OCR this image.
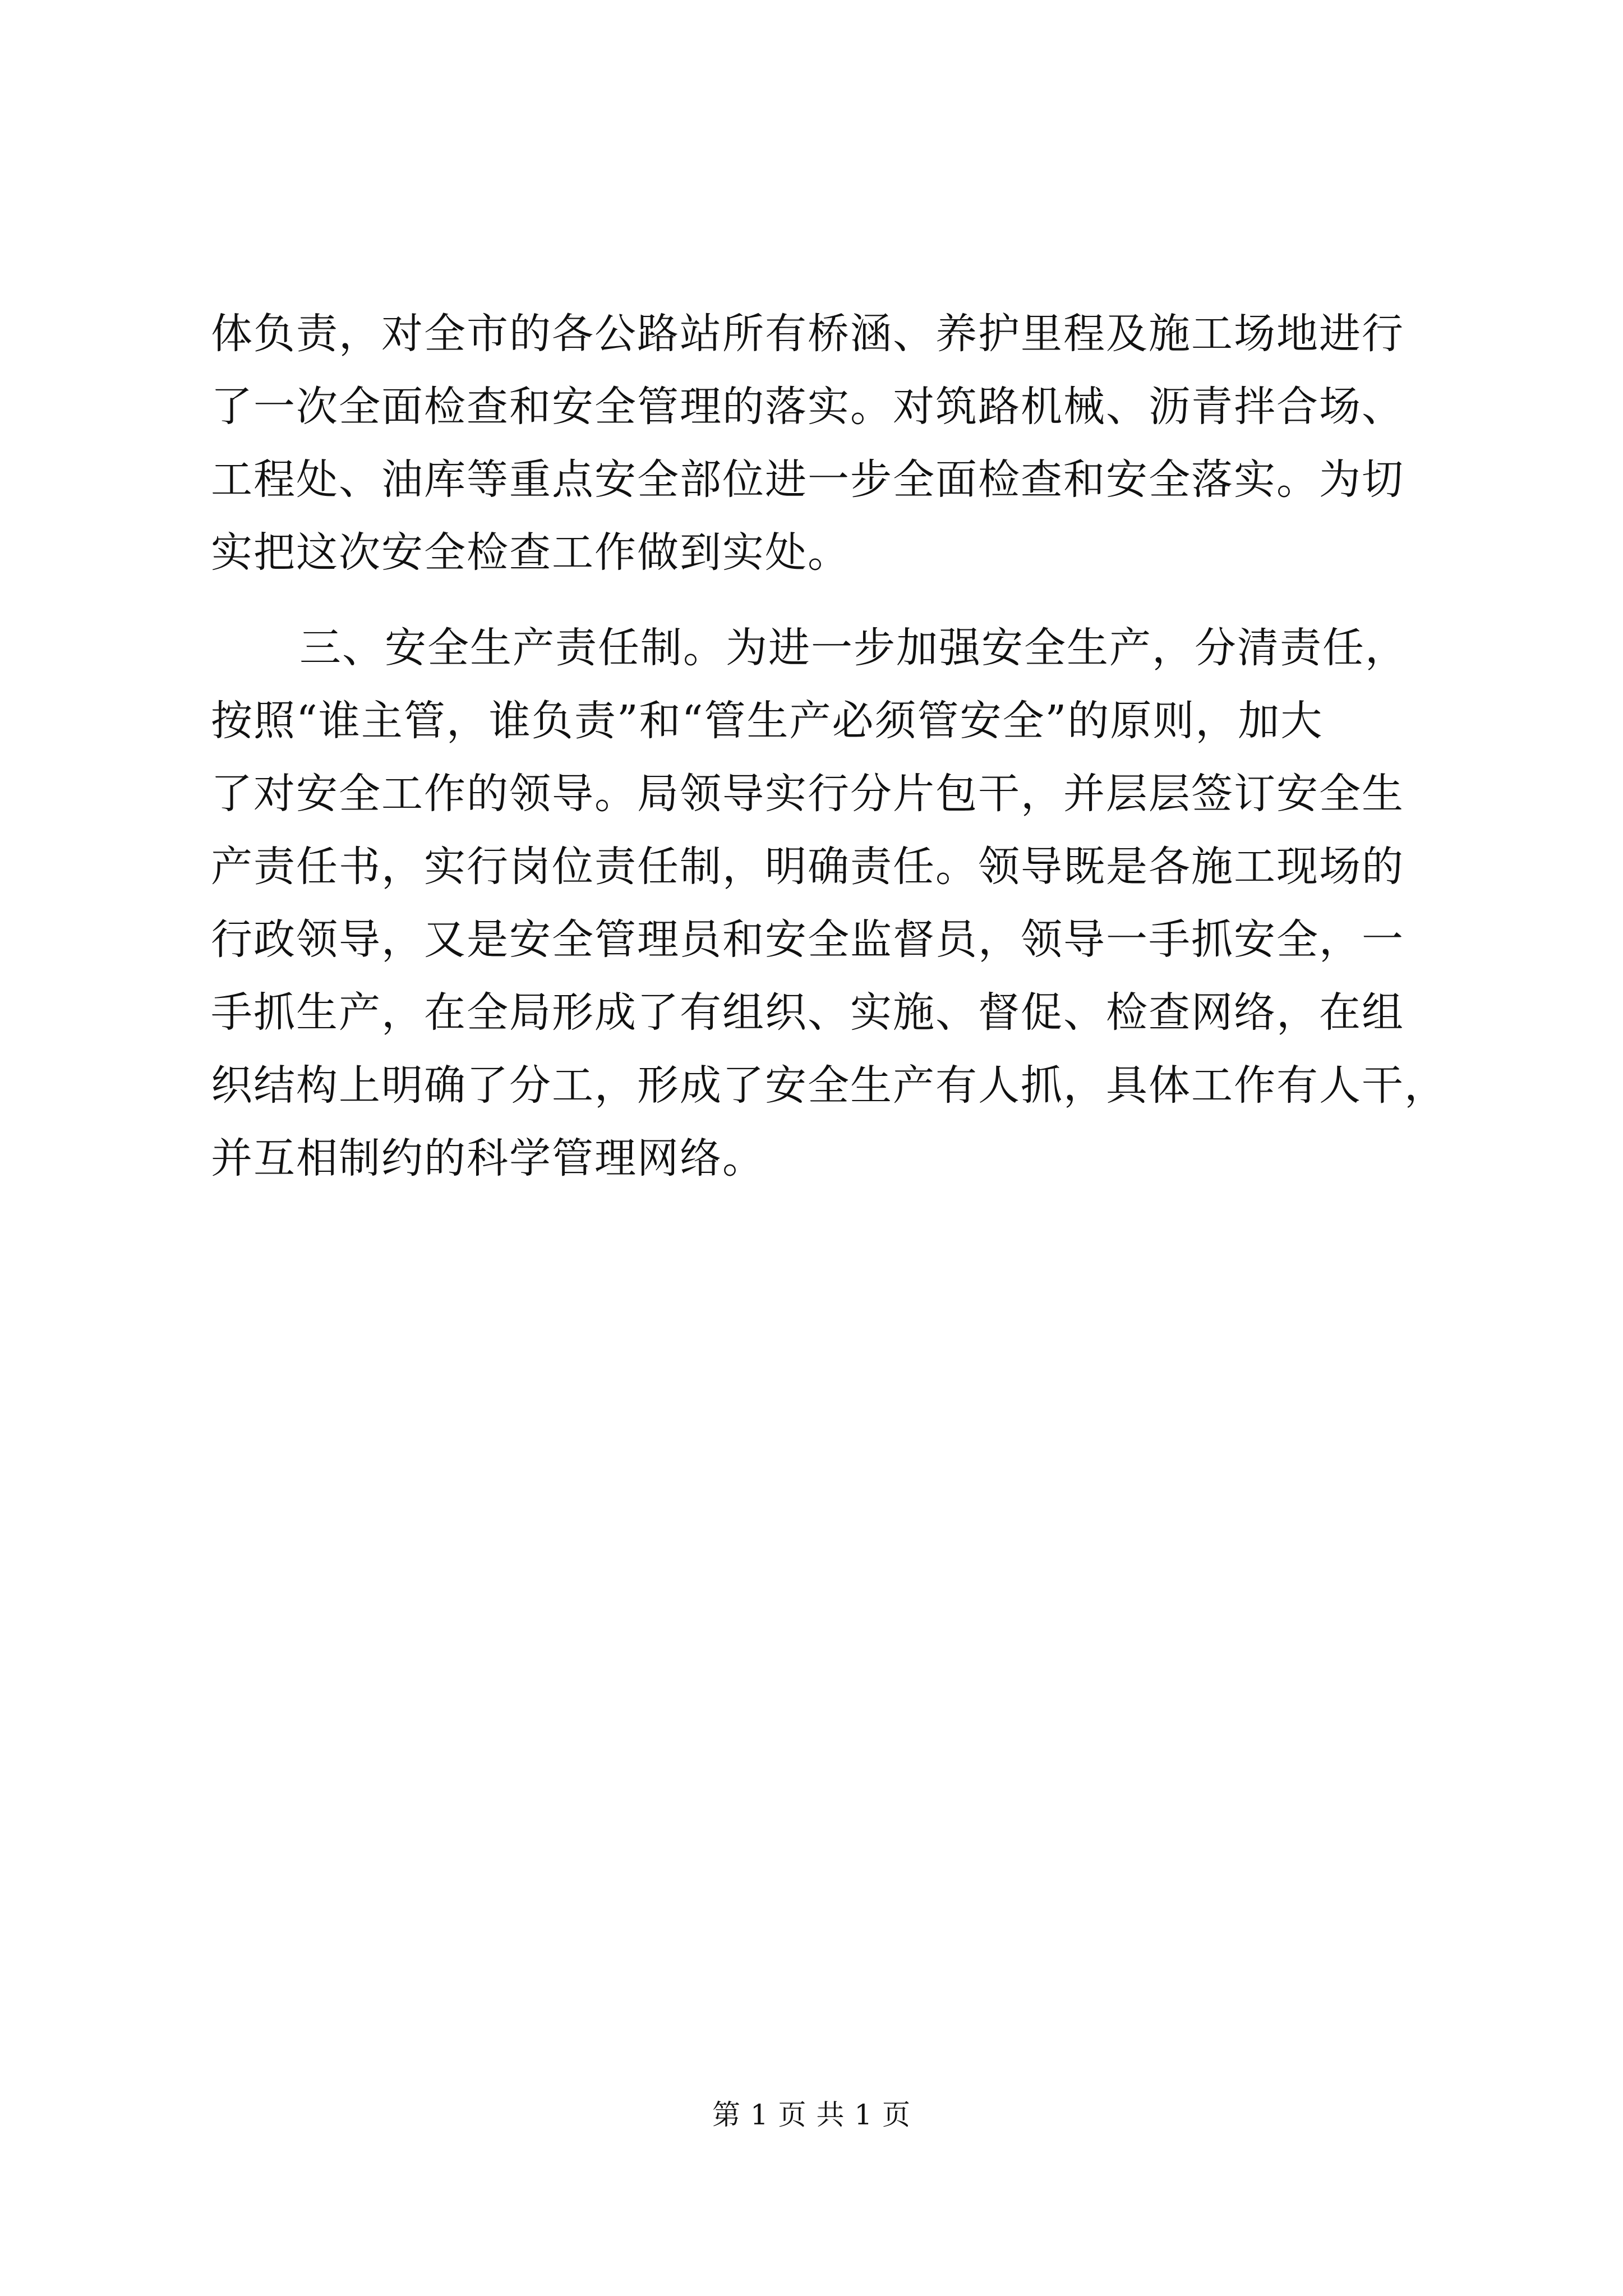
体负责，对全市的各公路站所有桥涵、养护里程及施工场地进行
了一次全面检查和安全管理的落实。对筑路机械、沥青拌合场、
工程处、油库等重点安全部位进一步全面检查和安全落实。为切
实把这次安全检查工作做到实处。
三、安全生产责任制。为进一步加强安全生产，分清责任，
按照“谁主管，谁负责”和“管生产必须管安全”的原则，加大
了对安全工作的领导。局领导实行分片包干，并层层签订安全生
产责任书，实行岗位责任制，明确责任。领导既是各施工现场的
行政领导，又是安全管理员和安全监督员，领导一手抓安全，一
手抓生产，在全局形成了有组织、实施、督促、检查网络，在组
织结构上明确了分工，形成了安全生产有人抓，具体工作有人干，
并互相制约的科学管理网络。
第 1 页 共 1 页
